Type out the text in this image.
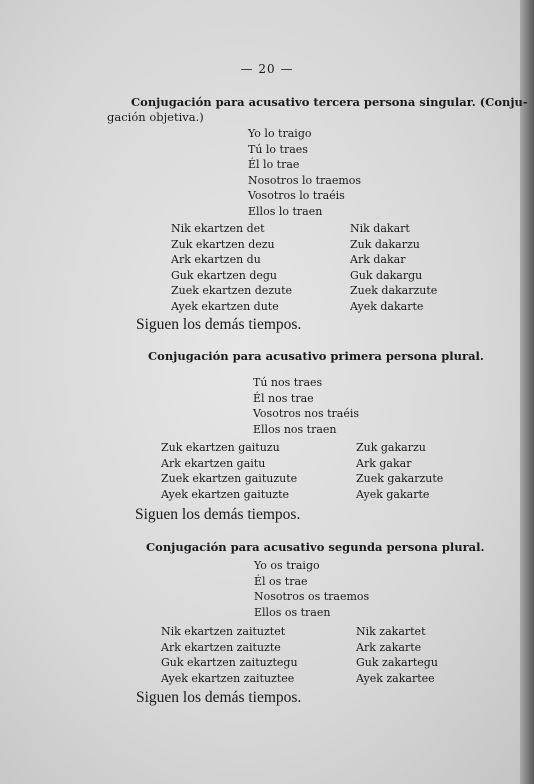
— 20 —
Conjugación para acusativo tercera persona singular. (Conju-
gación objetiva.)
Yo lo traigo
Tú lo traes
Él lo trae
Nosotros lo traemos
Vosotros lo traéis
Ellos lo traen
Nik ekartzen det
Zuk ekartzen dezu
Ark ekartzen du
Guk ekartzen degu
Zuek ekartzen dezute
Ayek ekartzen dute
Nik dakart
Zuk dakarzu
Ark dakar
Guk dakargu
Zuek dakarzute
Ayek dakarte
Siguen los demás tiempos.
Conjugación para acusativo primera persona plural.
Tú nos traes
Él nos trae
Vosotros nos traéis
Ellos nos traen
Zuk ekartzen gaituzu
Ark ekartzen gaitu
Zuek ekartzen gaituzute
Ayek ekartzen gaituzte
Zuk gakarzu
Ark gakar
Zuek gakarzute
Ayek gakarte
Siguen los demás tiempos.
Conjugación para acusativo segunda persona plural.
Yo os traigo
Él os trae
Nosotros os traemos
Ellos os traen
Nik ekartzen zaituztet
Ark ekartzen zaituzte
Guk ekartzen zaituztegu
Ayek ekartzen zaituztee
Nik zakartet
Ark zakarte
Guk zakartegu
Ayek zakartee
Siguen los demás tiempos.
